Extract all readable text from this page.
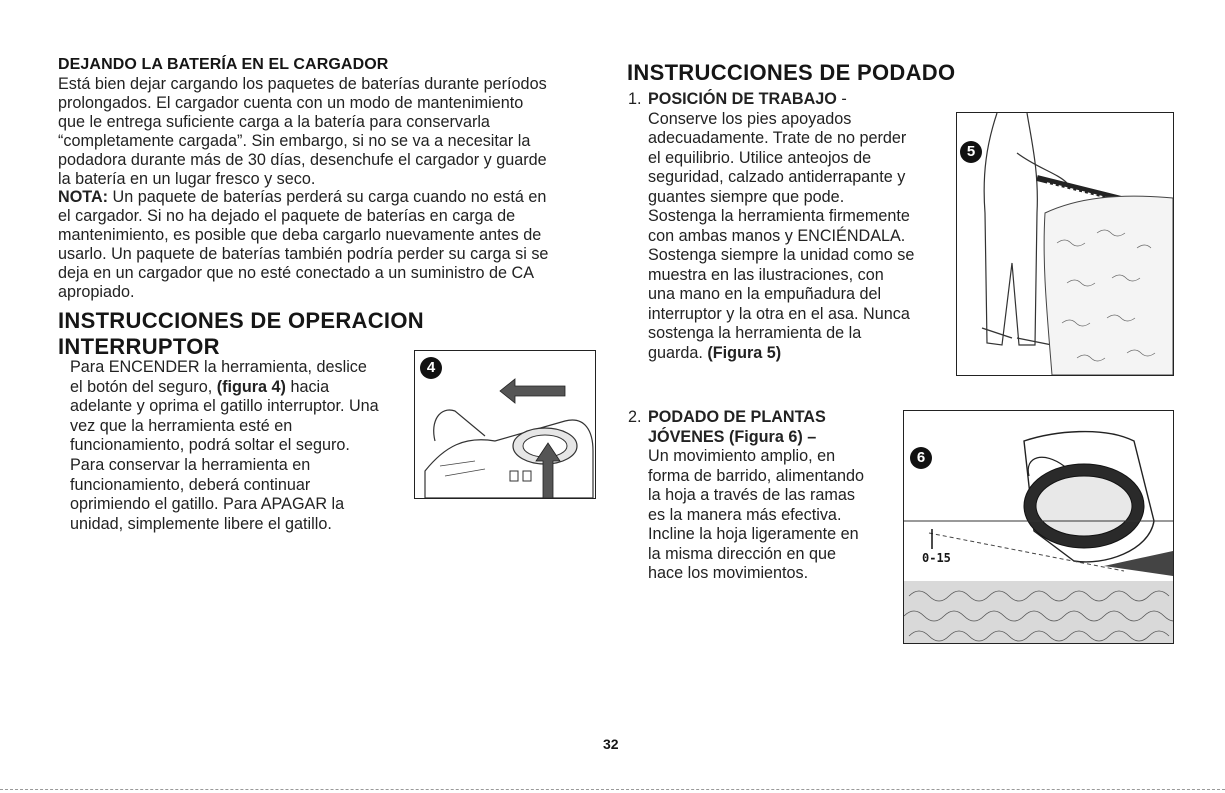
DEJANDO LA BATERÍA EN EL CARGADOR

Está bien dejar cargando los paquetes de baterías durante períodos

prolongados. El cargador cuenta con un modo de mantenimiento

que le entrega suficiente carga a la batería para conservarla

“completamente cargada”. Sin embargo, si no se va a necesitar la

podadora durante más de 30 días, desenchufe el cargador y guarde

la batería en un lugar fresco y seco.

NOTA: Un paquete de baterías perderá su carga cuando no está en

el cargador. Si no ha dejado el paquete de baterías en carga de

mantenimiento, es posible que deba cargarlo nuevamente antes de

usarlo. Un paquete de baterías también podría perder su carga si se

deja en un cargador que no esté conectado a un suministro de CA

apropiado.

INSTRUCCIONES DE OPERACION
INTERRUPTOR
Para ENCENDER la herramienta, deslice
el botón del seguro, (figura 4) hacia
adelante y oprima el gatillo interruptor. Una
vez que la herramienta esté en
funcionamiento, podrá soltar el seguro.
Para conservar la herramienta en
funcionamiento, deberá continuar
oprimiendo el gatillo. Para APAGAR la
unidad, simplemente libere el gatillo.
4
INSTRUCCIONES DE PODADO
1. POSICIÓN DE TRABAJO -
Conserve los pies apoyados
adecuadamente. Trate de no perder
el equilibrio. Utilice anteojos de
seguridad, calzado antiderrapante y
guantes siempre que pode.
Sostenga la herramienta firmemente
con ambas manos y ENCIÉNDALA.
Sostenga siempre la unidad como se
muestra en las ilustraciones, con
una mano en la empuñadura del
interruptor y la otra en el asa. Nunca
sostenga la herramienta de la
guarda. (Figura 5)
5
2. PODADO DE PLANTAS
JÓVENES (Figura 6) –
Un movimiento amplio, en
forma de barrido, alimentando
la hoja a través de las ramas
es la manera más efectiva.
Incline la hoja ligeramente en
la misma dirección en que
hace los movimientos.
6
0-15
32
